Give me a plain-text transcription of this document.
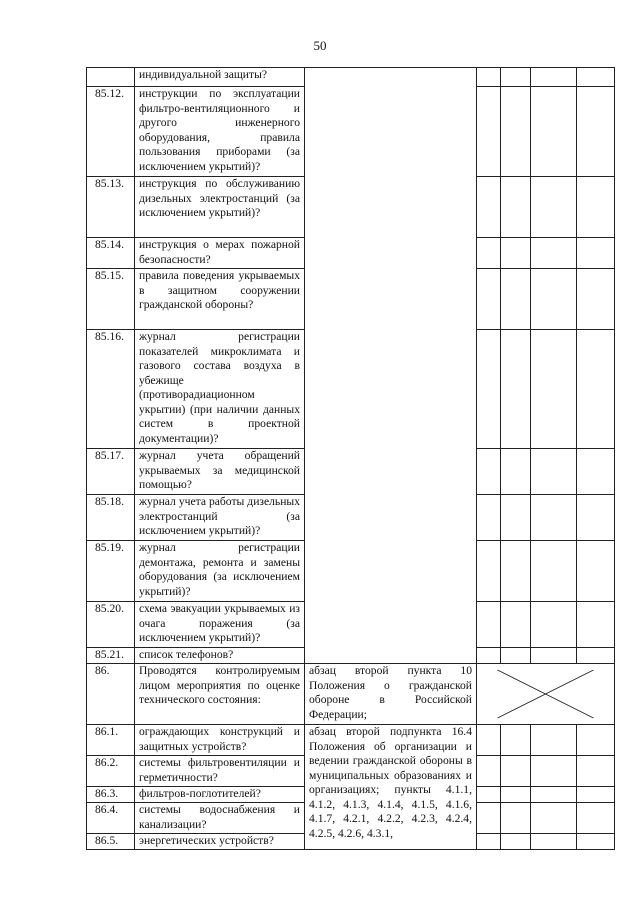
50
	индивидуальной защиты?					
85.12.	инструкции по эксплуатации фильтро-вентиляционного и другого инженерного оборудования, правила пользования приборами (за исключением укрытий)?					
85.13.	инструкция по обслуживанию дизельных электростанций (за исключением укрытий)?					
85.14.	инструкция о мерах пожарной безопасности?					
85.15.	правила поведения укрываемых в защитном сооружении гражданской обороны?					
85.16.	журнал регистрации показателей микроклимата и газового состава воздуха в убежище (противорадиационном укрытии) (при наличии данных систем в проектной документации)?					
85.17.	журнал учета обращений укрываемых за медицинской помощью?					
85.18.	журнал учета работы дизельных электростанций (за исключением укрытий)?					
85.19.	журнал регистрации демонтажа, ремонта и замены оборудования (за исключением укрытий)?					
85.20.	схема эвакуации укрываемых из очага поражения (за исключением укрытий)?					
85.21.	список телефонов?					
86.	Проводятся контролируемым лицом мероприятия по оценке технического состояния:	абзац второй пункта 10 Положения о гражданской обороне в Российской Федерации;	

86.1.	ограждающих конструкций и защитных устройств?	абзац второй подпункта 16.4 Положения об организации и ведении гражданской обороны в муниципальных образованиях и организациях; пункты 4.1.1, 4.1.2, 4.1.3, 4.1.4, 4.1.5, 4.1.6, 4.1.7, 4.2.1, 4.2.2, 4.2.3, 4.2.4, 4.2.5, 4.2.6, 4.3.1,				
86.2.	системы фильтровентиляции и герметичности?					
86.3.	фильтров-поглотителей?					
86.4.	системы водоснабжения и канализации?					
86.5.	энергетических устройств?					
